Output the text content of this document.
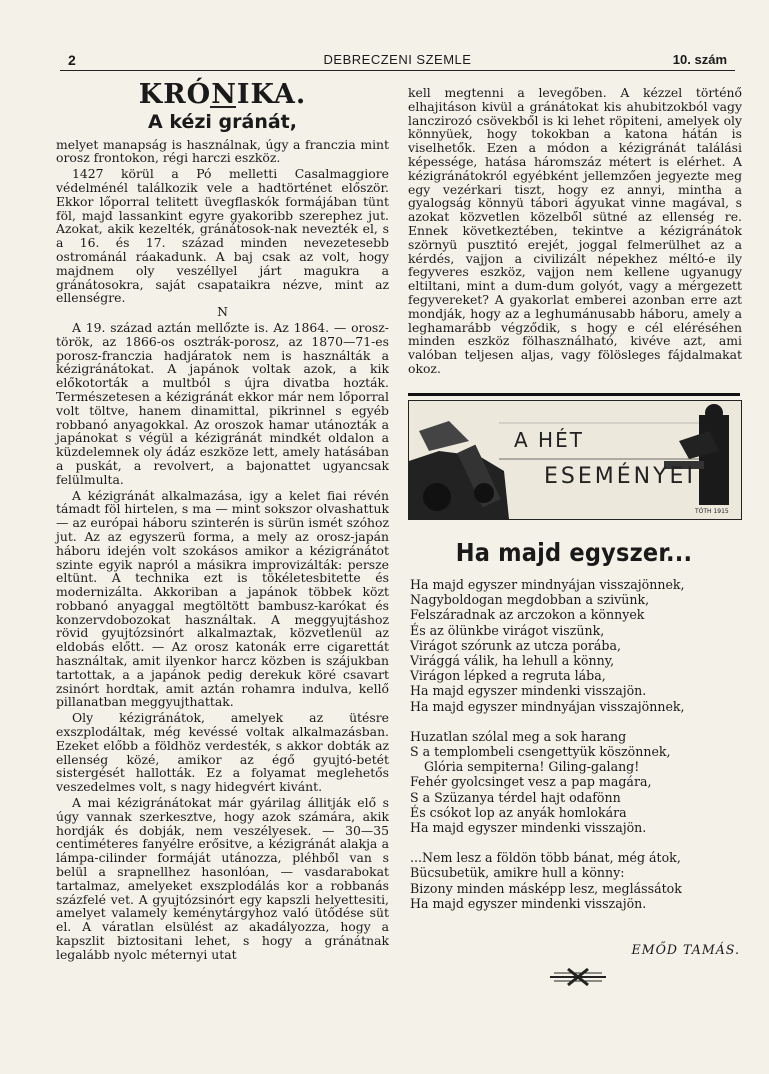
2	DEBRECZENI SZEMLE	10. szám
KRÓNIKA.
A kézi gránát,

melyet manapság is használnak, úgy a franczia mint orosz frontokon, régi harczi eszköz.

1427 körül a Pó melletti Casalmaggiore védelménél találkozik vele a hadtörténet először. Ekkor lőporral telitett üvegflaskók formájában tünt föl, majd lassankint egyre gyakoribb szerephez jut. Azokat, akik kezelték, gránátosok-nak nevezték el, s a 16. és 17. század minden nevezetesebb ostrománál ráakadunk. A baj csak az volt, hogy majdnem oly veszéllyel járt magukra a gránátosokra, saját csapataikra nézve, mint az ellenségre.

N

A 19. század aztán mellőzte is. Az 1864. — orosz-török, az 1866-os osztrák-porosz, az 1870—71-es porosz-franczia hadjáratok nem is használták a kézigránátokat. A japánok voltak azok, a kik előkotorták a multból s újra divatba hozták. Természetesen a kézigránát ekkor már nem lőporral volt töltve, hanem dinamittal, pikrinnel s egyéb robbanó anyagokkal. Az oroszok hamar utánozták a japánokat s végül a kézigránát mindkét oldalon a küzdelemnek oly ádáz eszköze lett, amely hatásában a puskát, a revolvert, a bajonattet ugyancsak felülmulta.

A kézigránát alkalmazása, igy a kelet fiai révén támadt föl hirtelen, s ma — mint sokszor olvashattuk — az európai háboru szinterén is sürün ismét szóhoz jut. Az az egyszerü forma, a mely az orosz-japán háboru idején volt szokásos amikor a kézigránátot szinte egyik napról a másikra improvizálták: persze eltünt. A technika ezt is tökéletesbitette és modernizálta. Akkoriban a japánok többek közt robbanó anyaggal megtöltött bambusz-karókat és konzervdobozokat használtak. A meggyujtáshoz rövid gyujtózsinórt alkalmaztak, közvetlenül az eldobás előtt. — Az orosz katonák erre cigarettát használtak, amit ilyenkor harcz közben is szájukban tartottak, a a japánok pedig derekuk köré csavart zsinórt hordtak, amit aztán rohamra indulva, kellő pillanatban meggyujthattak.

Oly kézigránátok, amelyek az ütésre exszplodáltak, még kevéssé voltak alkalmazásban. Ezeket előbb a földhöz verdesték, s akkor dobták az ellenség közé, amikor az égő gyujtó-betét sistergését hallották. Ez a folyamat meglehetős veszedelmes volt, s nagy hidegvért kivánt.

A mai kézigránátokat már gyárilag állitják elő s úgy vannak szerkesztve, hogy azok számára, akik hordják és dobják, nem veszélyesek. — 30—35 centiméteres fanyélre erősitve, a kézigránát alakja a lámpa-cilinder formáját utánozza, pléhből van s belül a srapnellhez hasonlóan, — vasdarabokat tartalmaz, amelyeket exszplodálás kor a robbanás százfelé vet. A gyujtózsinórt egy kapszli helyettesiti, amelyet valamely keménytárgyhoz való ütődése süt el. A váratlan elsülést az akadályozza, hogy a kapszlit biztositani lehet, s hogy a gránátnak legalább nyolc méternyi utat

kell megtenni a levegőben. A kézzel történő elhajitáson kivül a gránátokat kis ahubitzokból vagy lanczirozó csövekből is ki lehet röpiteni, amelyek oly könnyüek, hogy tokokban a katona hátán is viselhetők. Ezen a módon a kézigránát találási képessége, hatása háromszáz métert is elérhet. A kézigránátokról egyébként jellemzően jegyezte meg egy vezérkari tiszt, hogy ez annyi, mintha a gyalogság könnyü tábori ágyukat vinne magával, s azokat közvetlen közelből sütné az ellenség re. Ennek következtében, tekintve a kézigránátok szörnyü pusztitó erejét, joggal felmerülhet az a kérdés, vajjon a civilizált népekhez méltó-e ily fegyveres eszköz, vajjon nem kellene ugyanugy eltiltani, mint a dum-dum golyót, vagy a mérgezett fegyvereket? A gyakorlat emberei azonban erre azt mondják, hogy az a leghumánusabb háboru, amely a leghamarább végződik, s hogy e cél eléréséhen minden eszköz fölhasználható, kivéve azt, ami valóban teljesen aljas, vagy fölösleges fájdalmakat okoz.

A HÉT
ESEMÉNYEI
TÓTH 1915
Ha majd egyszer...
Ha majd egyszer mindnyájan visszajönnek,
Nagyboldogan megdobban a szivünk,
Felszáradnak az arczokon a könnyek
És az ölünkbe virágot viszünk,
Virágot szórunk az utcza porába,
Virággá válik, ha lehull a könny,
Virágon lépked a regruta lába,
Ha majd egyszer mindenki visszajön.
Ha majd egyszer mindnyájan visszajönnek,
Huzatlan szólal meg a sok harang
S a templombeli csengettyük köszönnek,
Glória sempiterna! Giling-galang!
Fehér gyolcsinget vesz a pap magára,
S a Szüzanya térdel hajt odafönn
És csókot lop az anyák homlokára
Ha majd egyszer mindenki visszajön.
...Nem lesz a földön több bánat, még átok,
Bücsubetük, amikre hull a könny:
Bizony minden másképp lesz, meglássátok
Ha majd egyszer mindenki visszajön.
EMŐD TAMÁS.
